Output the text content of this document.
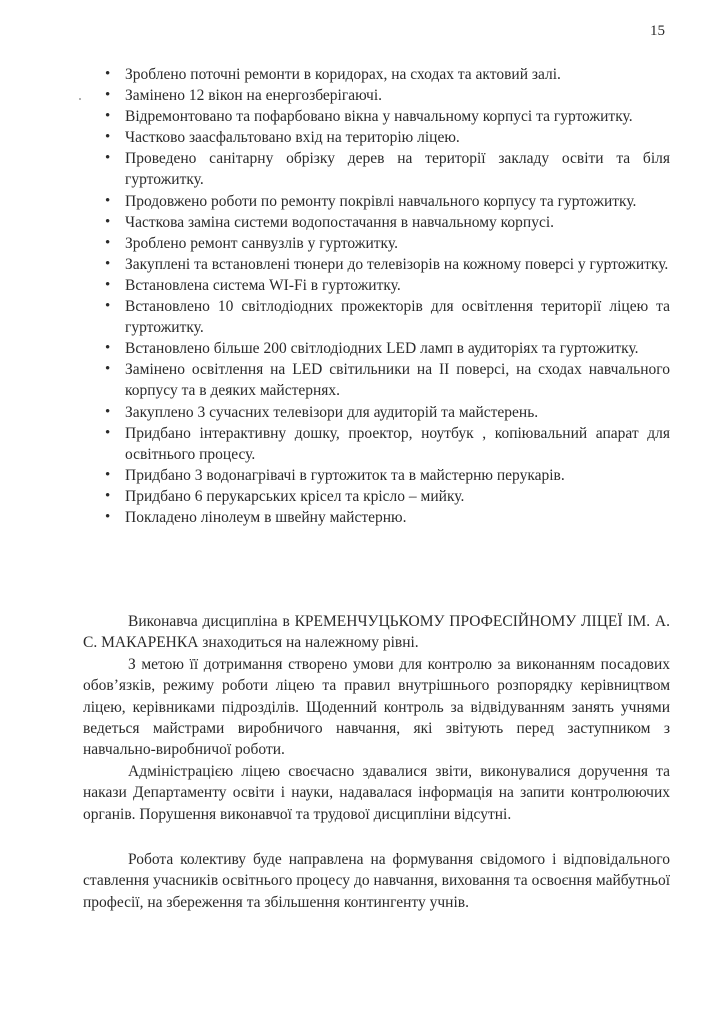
15
• Зроблено поточні ремонти в коридорах, на сходах та актовий залі.
• Замінено 12 вікон на енергозберігаючі.
• Відремонтовано та пофарбовано вікна у навчальному корпусі та гуртожитку.
• Частково заасфальтовано вхід на територію ліцею.
• Проведено санітарну обрізку дерев на території закладу освіти та біля гуртожитку.
• Продовжено роботи по ремонту покрівлі навчального корпусу та гуртожитку.
• Часткова заміна системи водопостачання в навчальному корпусі.
• Зроблено ремонт санвузлів у гуртожитку.
• Закуплені та встановлені тюнери до телевізорів на кожному поверсі у гуртожитку.
• Встановлена система WI-Fi в гуртожитку.
• Встановлено 10 світлодіодних прожекторів для освітлення території ліцею та гуртожитку.
• Встановлено більше 200 світлодіодних LED ламп в аудиторіях та гуртожитку.
• Замінено освітлення на LED світильники на II поверсі, на сходах навчального корпусу та в деяких майстернях.
• Закуплено 3 сучасних телевізори для аудиторій та майстерень.
• Придбано інтерактивну дошку, проектор, ноутбук , копіювальний апарат для освітнього процесу.
• Придбано 3 водонагрівачі в гуртожиток та в майстерню перукарів.
• Придбано 6 перукарських крісел та крісло – мийку.
• Покладено лінолеум в швейну майстерню.

Виконавча дисципліна в КРЕМЕНЧУЦЬКОМУ ПРОФЕСІЙНОМУ ЛІЦЕЇ ІМ. А. С. МАКАРЕНКА знаходиться на належному рівні.

З метою її дотримання створено умови для контролю за виконанням посадових обов’язків, режиму роботи ліцею та правил внутрішнього розпорядку керівництвом ліцею, керівниками підрозділів. Щоденний контроль за відвідуванням занять учнями ведеться майстрами виробничого навчання, які звітують перед заступником з навчально-виробничої роботи.

Адміністрацією ліцею своєчасно здавалися звіти, виконувалися доручення та накази Департаменту освіти і науки, надавалася інформація на запити контролюючих органів. Порушення виконавчої та трудової дисципліни відсутні.

Робота колективу буде направлена на формування свідомого і відповідального ставлення учасників освітнього процесу до навчання, виховання та освоєння майбутньої професії, на збереження та збільшення контингенту учнів.
